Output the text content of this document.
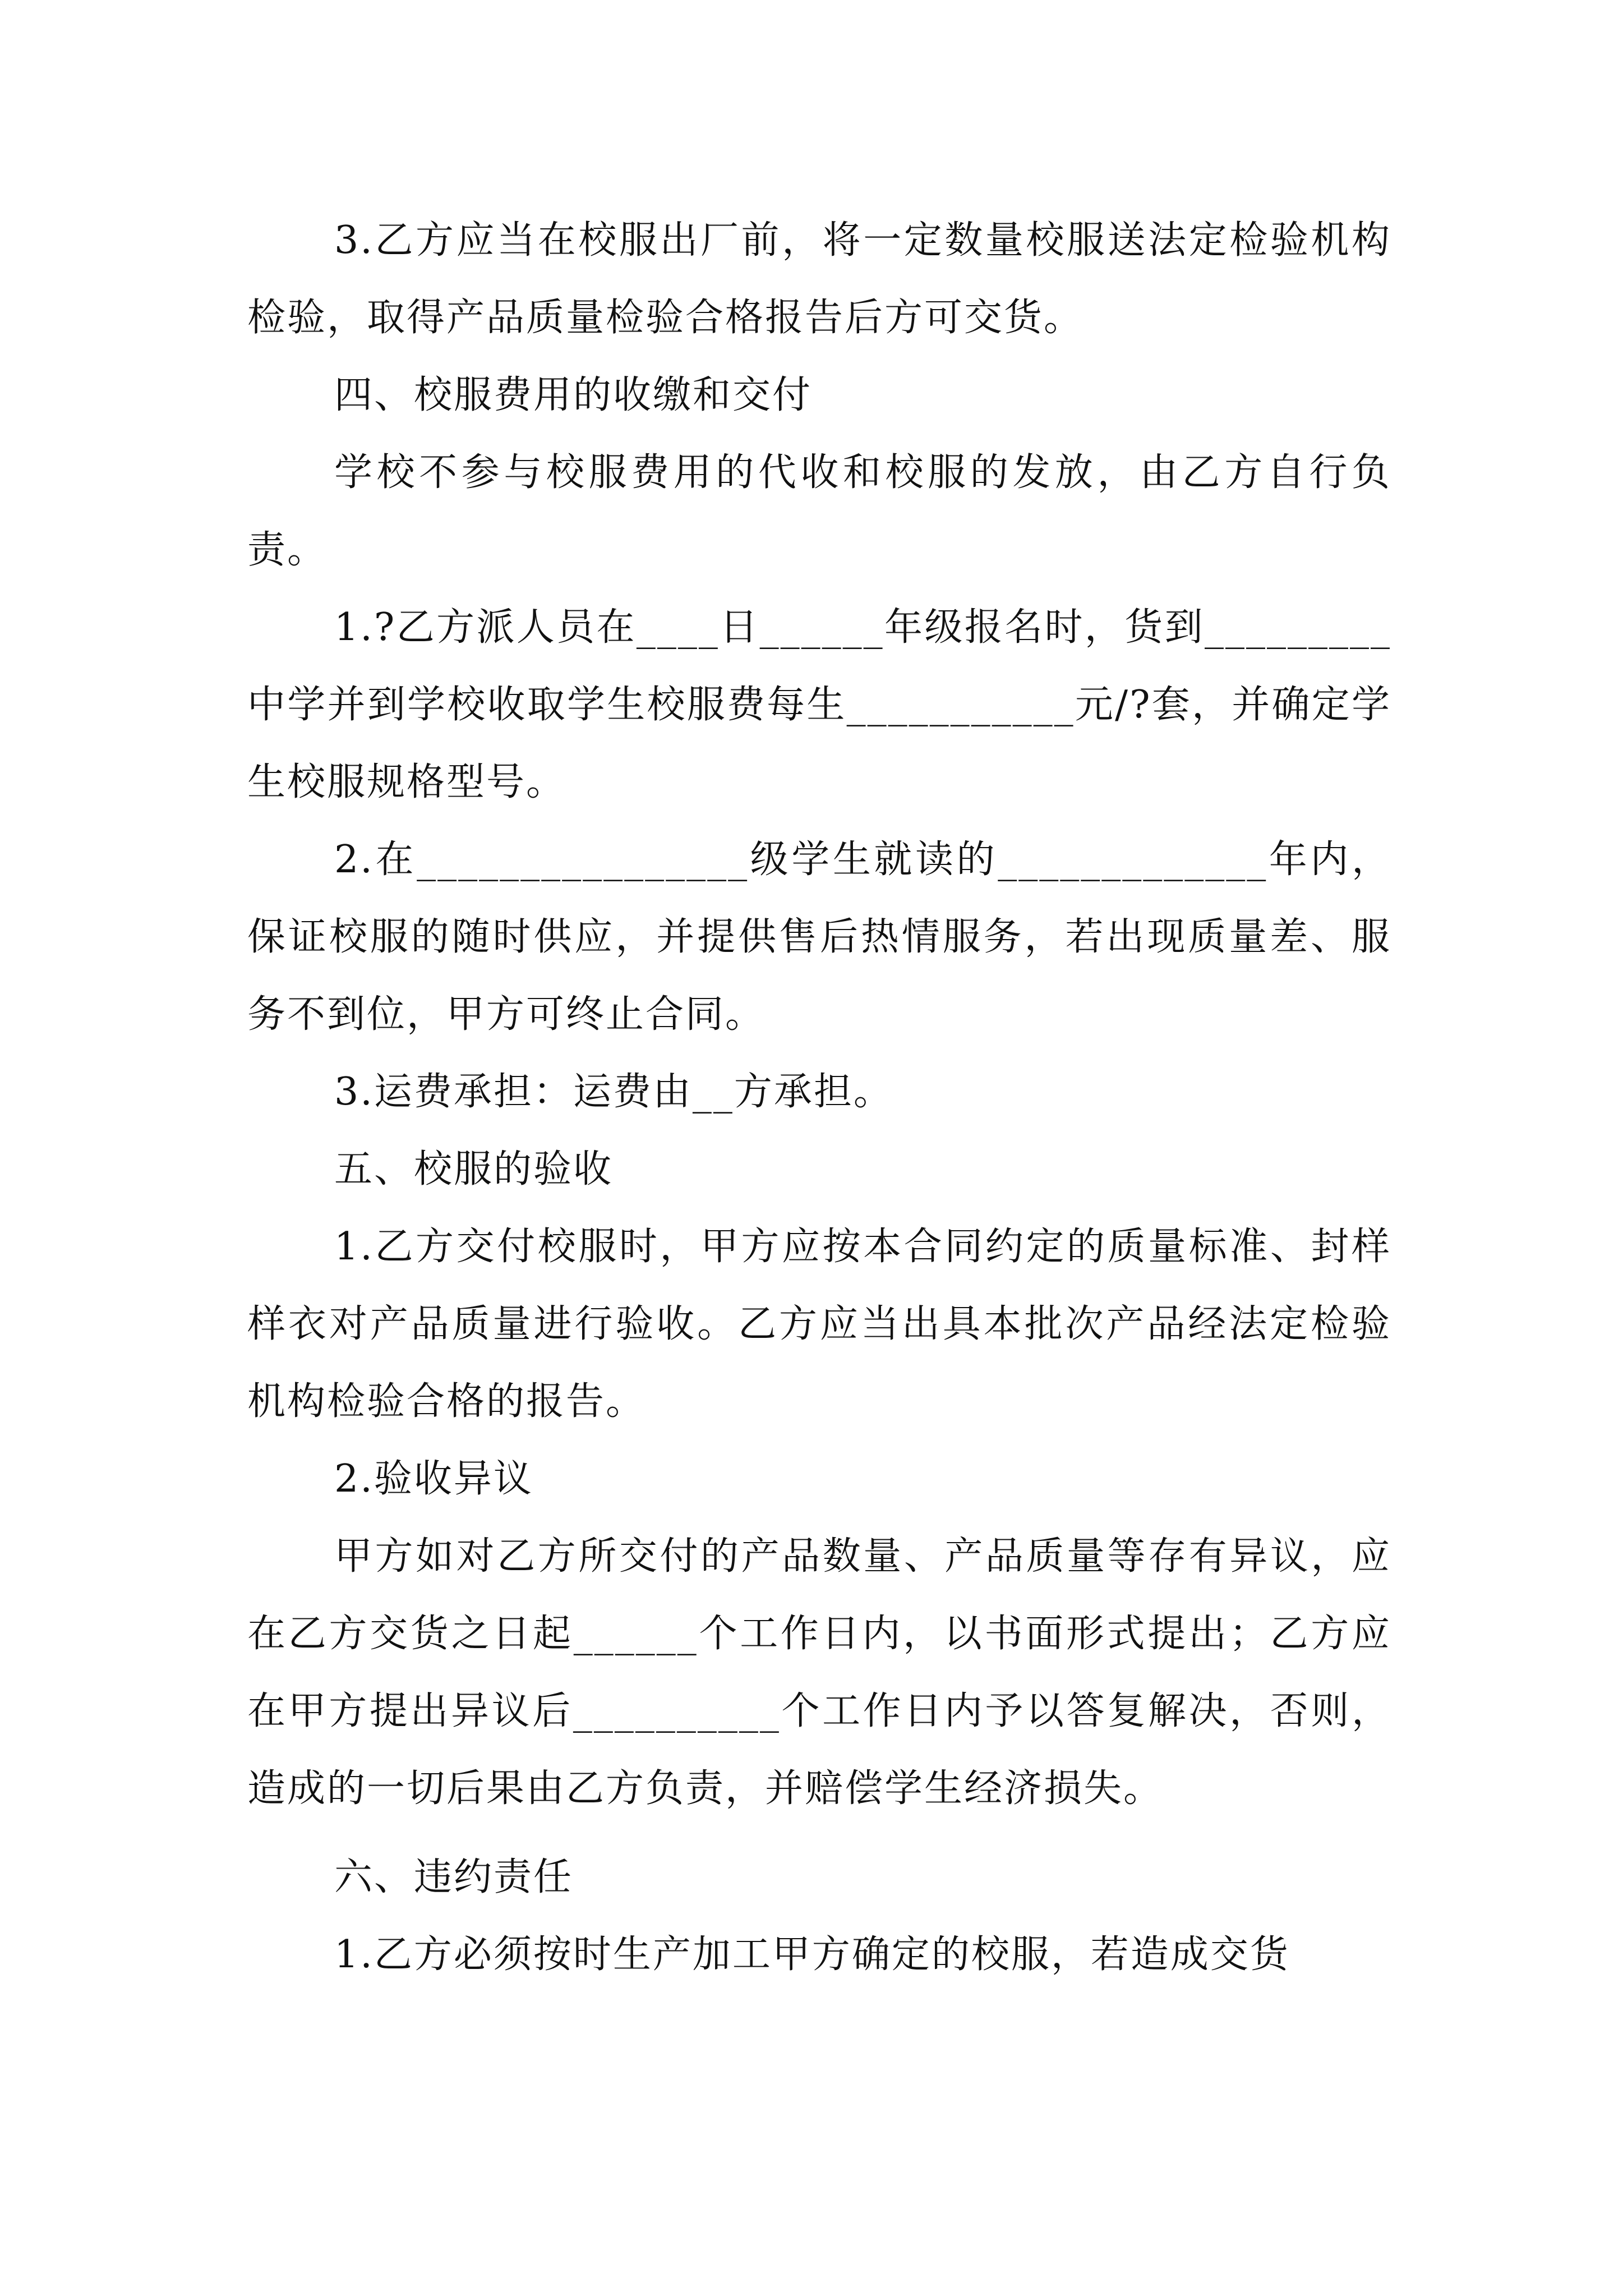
3.乙方应当在校服出厂前，将一定数量校服送法定检验机构检验，取得产品质量检验合格报告后方可交货。

四、校服费用的收缴和交付

学校不参与校服费用的代收和校服的发放，由乙方自行负责。

1.?乙方派人员在____日______年级报名时，货到_________中学并到学校收取学生校服费每生___________元/?套，并确定学生校服规格型号。

2.在________________级学生就读的_____________年内，保证校服的随时供应，并提供售后热情服务，若出现质量差、服务不到位，甲方可终止合同。

3.运费承担：运费由__方承担。

五、校服的验收

1.乙方交付校服时，甲方应按本合同约定的质量标准、封样样衣对产品质量进行验收。乙方应当出具本批次产品经法定检验机构检验合格的报告。

2.验收异议

甲方如对乙方所交付的产品数量、产品质量等存有异议，应在乙方交货之日起______个工作日内，以书面形式提出；乙方应在甲方提出异议后__________个工作日内予以答复解决，否则，造成的一切后果由乙方负责，并赔偿学生经济损失。

六、违约责任

1.乙方必须按时生产加工甲方确定的校服，若造成交货
